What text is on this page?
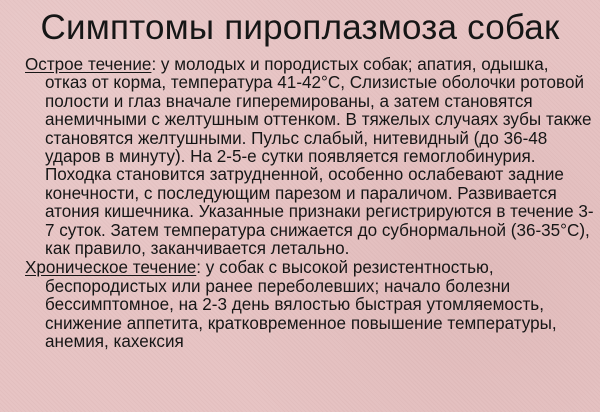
Симптомы пироплазмоза собак

Острое течение: у молодых и породистых собак; апатия, одышка, отказ от корма, температура 41-42°С, Слизистые оболочки ротовой полости и глаз вначале гиперемированы, а затем становятся анемичными с желтушным оттенком. В тяжелых случаях зубы также становятся желтушными. Пульс слабый, нитевидный (до 36-48 ударов в минуту). На 2-5-е сутки появляется гемоглобинурия. Походка становится затрудненной, особенно ослабевают задние конечности, с последующим парезом и параличом. Развивается атония кишечника. Указанные признаки регистрируются в течение 3-7 суток. Затем температура снижается до субнормальной (36-35°С), как правило, заканчивается летально.

Хроническое течение: у собак с высокой резистентностью, беспородистых или ранее переболевших; начало болезни бессимптомное, на 2-3 день вялостью быстрая утомляемость, снижение аппетита, кратковременное повышение температуры, анемия, кахексия
